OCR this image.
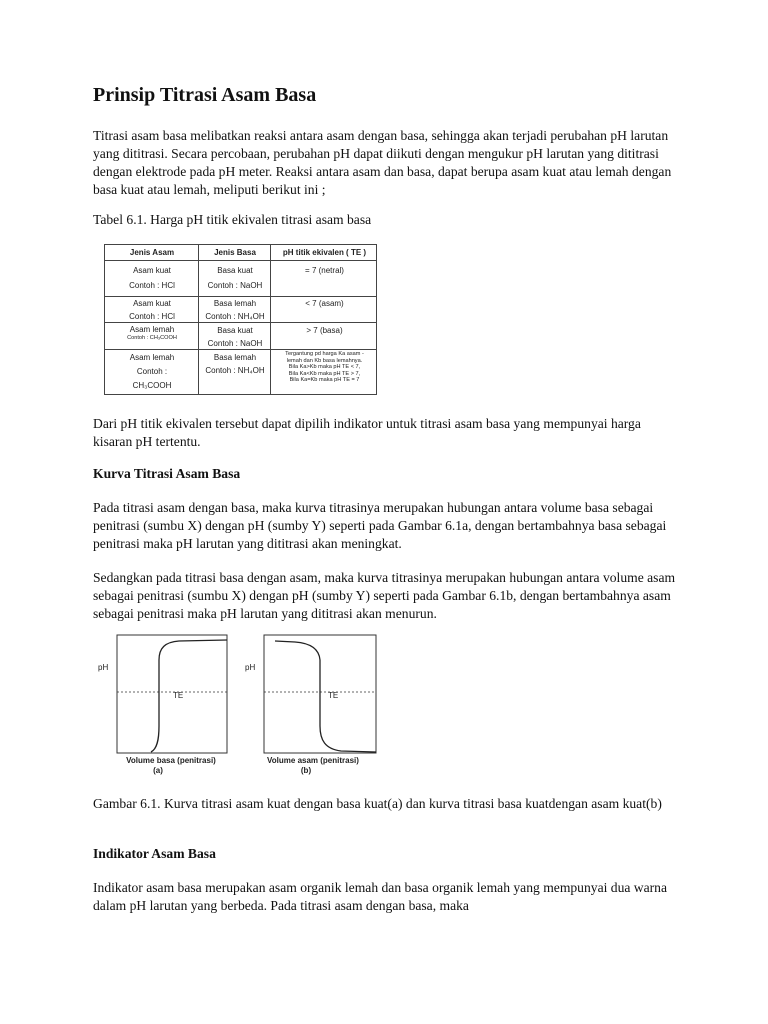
Prinsip Titrasi Asam Basa

Titrasi asam basa melibatkan reaksi antara asam dengan basa, sehingga akan terjadi perubahan pH larutan yang dititrasi. Secara percobaan, perubahan pH dapat diikuti dengan mengukur pH larutan yang dititrasi dengan elektrode pada pH meter. Reaksi antara asam dan basa, dapat berupa asam kuat atau lemah dengan basa kuat atau lemah, meliputi berikut ini ;

Tabel 6.1. Harga pH titik ekivalen titrasi asam basa

Jenis Asam	Jenis Basa	pH titik ekivalen ( TE )
Asam kuat
Contoh : HCl
Basa kuat
Contoh : NaOH
= 7 (netral)
Asam kuat
Contoh : HCl
Basa lemah
Contoh : NH₄OH
< 7 (asam)
Asam lemah
Contoh : CH₃COOH
Basa kuat
Contoh : NaOH
> 7 (basa)
Asam lemah
Contoh :
CH₃COOH
Basa lemah
Contoh : NH₄OH
Tergantung pd harga Ka asam -
lemah dan Kb basa lemahnya.
Bila Ka>Kb maka pH TE < 7,
Bila Ka<Kb maka pH TE > 7,
Bila Ka=Kb maka pH TE = 7

Dari pH titik ekivalen tersebut dapat dipilih indikator untuk titrasi asam basa yang mempunyai harga kisaran pH tertentu.

Kurva Titrasi Asam Basa

Pada titrasi asam dengan basa, maka kurva titrasinya merupakan hubungan antara volume basa sebagai penitrasi (sumbu X) dengan pH (sumby Y) seperti pada Gambar 6.1a, dengan bertambahnya basa sebagai penitrasi maka pH larutan yang dititrasi akan meningkat.

Sedangkan pada titrasi basa dengan asam, maka kurva titrasinya merupakan hubungan antara volume asam sebagai penitrasi (sumbu X) dengan pH (sumby Y) seperti pada Gambar 6.1b, dengan bertambahnya asam sebagai penitrasi maka pH larutan yang dititrasi akan menurun.

pH
TE
Volume basa (penitrasi)
(a)
pH
TE
Volume asam (penitrasi)
(b)

Gambar 6.1. Kurva titrasi asam kuat dengan basa kuat(a) dan kurva titrasi basa kuatdengan asam kuat(b)

Indikator Asam Basa

Indikator asam basa merupakan asam organik lemah dan basa organik lemah yang mempunyai dua warna dalam pH larutan yang berbeda. Pada titrasi asam dengan basa, maka
